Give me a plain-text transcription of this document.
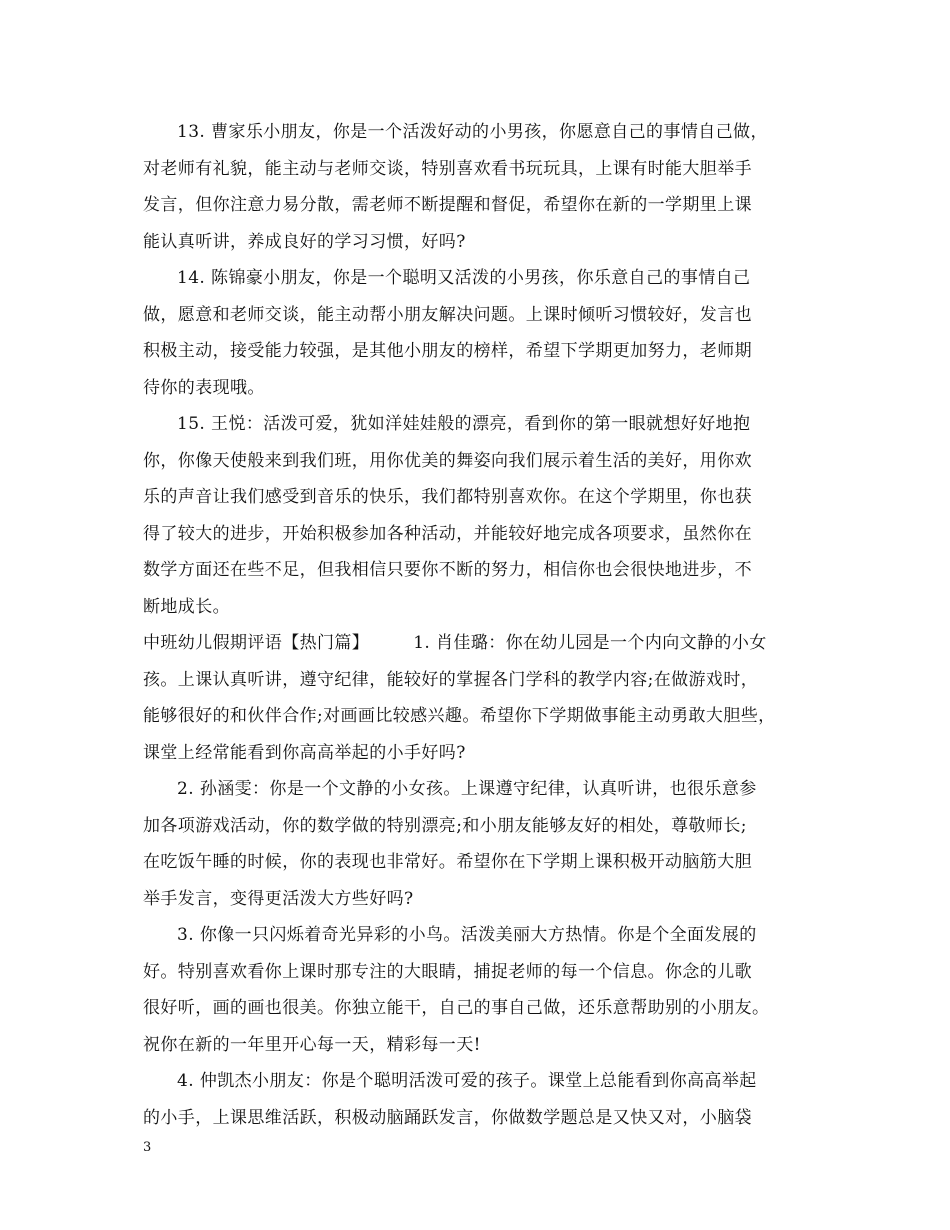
13. 曹家乐小朋友，你是一个活泼好动的小男孩，你愿意自己的事情自己做，
对老师有礼貌，能主动与老师交谈，特别喜欢看书玩玩具，上课有时能大胆举手
发言，但你注意力易分散，需老师不断提醒和督促，希望你在新的一学期里上课
能认真听讲，养成良好的学习习惯，好吗?
14. 陈锦豪小朋友，你是一个聪明又活泼的小男孩，你乐意自己的事情自己
做，愿意和老师交谈，能主动帮小朋友解决问题。上课时倾听习惯较好，发言也
积极主动，接受能力较强，是其他小朋友的榜样，希望下学期更加努力，老师期
待你的表现哦。
15. 王悦：活泼可爱，犹如洋娃娃般的漂亮，看到你的第一眼就想好好地抱
你，你像天使般来到我们班，用你优美的舞姿向我们展示着生活的美好，用你欢
乐的声音让我们感受到音乐的快乐，我们都特别喜欢你。在这个学期里，你也获
得了较大的进步，开始积极参加各种活动，并能较好地完成各项要求，虽然你在
数学方面还在些不足，但我相信只要你不断的努力，相信你也会很快地进步，不
断地成长。
中班幼儿假期评语【热门篇】	1. 肖佳璐：你在幼儿园是一个内向文静的小女
孩。上课认真听讲，遵守纪律，能较好的掌握各门学科的教学内容;在做游戏时，
能够很好的和伙伴合作;对画画比较感兴趣。希望你下学期做事能主动勇敢大胆些，
课堂上经常能看到你高高举起的小手好吗?
2. 孙涵雯：你是一个文静的小女孩。上课遵守纪律，认真听讲，也很乐意参
加各项游戏活动，你的数学做的特别漂亮;和小朋友能够友好的相处，尊敬师长;
在吃饭午睡的时候，你的表现也非常好。希望你在下学期上课积极开动脑筋大胆
举手发言，变得更活泼大方些好吗?
3. 你像一只闪烁着奇光异彩的小鸟。活泼美丽大方热情。你是个全面发展的
好。特别喜欢看你上课时那专注的大眼睛，捕捉老师的每一个信息。你念的儿歌
很好听，画的画也很美。你独立能干，自己的事自己做，还乐意帮助别的小朋友。
祝你在新的一年里开心每一天，精彩每一天!
4. 仲凯杰小朋友：你是个聪明活泼可爱的孩子。课堂上总能看到你高高举起
的小手，上课思维活跃，积极动脑踊跃发言，你做数学题总是又快又对，小脑袋
3
